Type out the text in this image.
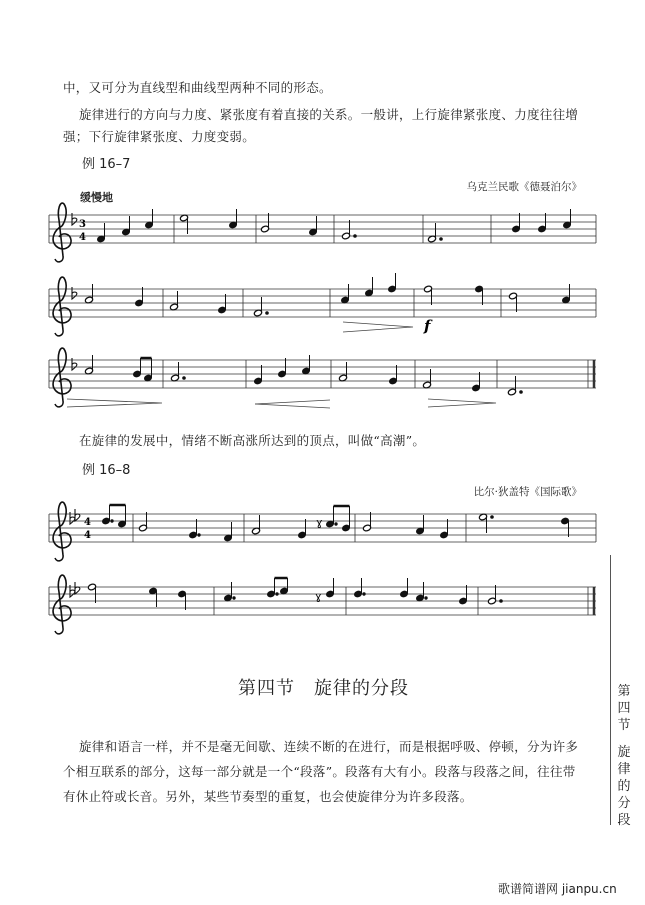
中，又可分为直线型和曲线型两种不同的形态。
旋律进行的方向与力度、紧张度有着直接的关系。一般讲，上行旋律紧张度、力度往往增
强；下行旋律紧张度、力度变弱。
例 16–7
乌克兰民歌《德聂泊尔》
缓慢地
在旋律的发展中，情绪不断高涨所达到的顶点，叫做“高潮”。
例 16–8
比尔·狄盖特《国际歌》
第四节　旋律的分段
旋律和语言一样，并不是毫无间歇、连续不断的在进行，而是根据呼吸、停顿，分为许多
个相互联系的部分，这每一部分就是一个“段落”。段落有大有小。段落与段落之间，往往带
有休止符或长音。另外，某些节奏型的重复，也会使旋律分为许多段落。
第
四
节
旋
律
的
分
段
歌谱简谱网 jianpu.cn
3
4
f
4
4
ɣ
ɣ
